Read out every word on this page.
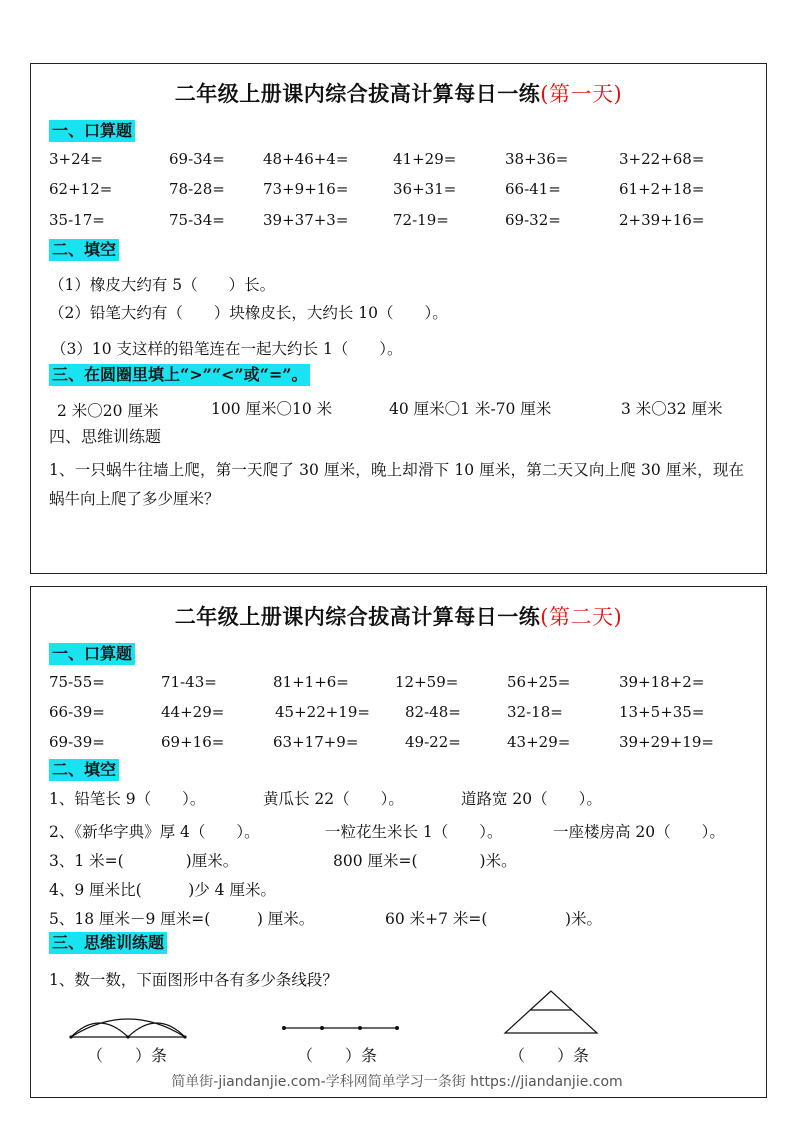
二年级上册课内综合拔高计算每日一练(第一天)
一、口算题
3+24=	69-34=	48+46+4=	41+29=	38+36=	3+22+68=
62+12=	78-28=	73+9+16=	36+31=	66-41=	61+2+18=
35-17=	75-34=	39+37+3=	72-19=	69-32=	2+39+16=
二、填空
（1）橡皮大约有 5（　　）长。
（2）铅笔大约有（　　）块橡皮长，大约长 10（　　）。
（3）10 支这样的铅笔连在一起大约长 1（　　）。
三、在圆圈里填上“>”“<”或“=”。
2 米〇20 厘米	100 厘米〇10 米	40 厘米〇1 米-70 厘米	3 米〇32 厘米
四、思维训练题
1、一只蜗牛往墙上爬，第一天爬了 30 厘米，晚上却滑下 10 厘米，第二天又向上爬 30 厘米，现在蜗牛向上爬了多少厘米？
二年级上册课内综合拔高计算每日一练(第二天)
一、口算题
75-55=	71-43=	81+1+6=	12+59=	56+25=	39+18+2=
66-39=	44+29=	45+22+19= 82-48=	32-18=	13+5+35=
69-39=	69+16=	63+17+9=	49-22=	43+29=	39+29+19=
二、填空
1、铅笔长 9（　　）。	黄瓜长 22（　　）。	道路宽 20（　　）。
2、《新华字典》厚 4（　　）。	一粒花生米长 1（　　）。	一座楼房高 20（　　）。
3、1 米=(　　　　)厘米。	800 厘米=(　　　　)米。
4、9 厘米比(　　　)少 4 厘米。
5、18 厘米－9 厘米=(　　　) 厘米。	60 米+7 米=(　　　　　)米。
三、思维训练题
1、数一数，下面图形中各有多少条线段？
（　　）条	（　　）条	（　　）条
简单街-jiandanjie.com-学科网简单学习一条街 https://jiandanjie.com
